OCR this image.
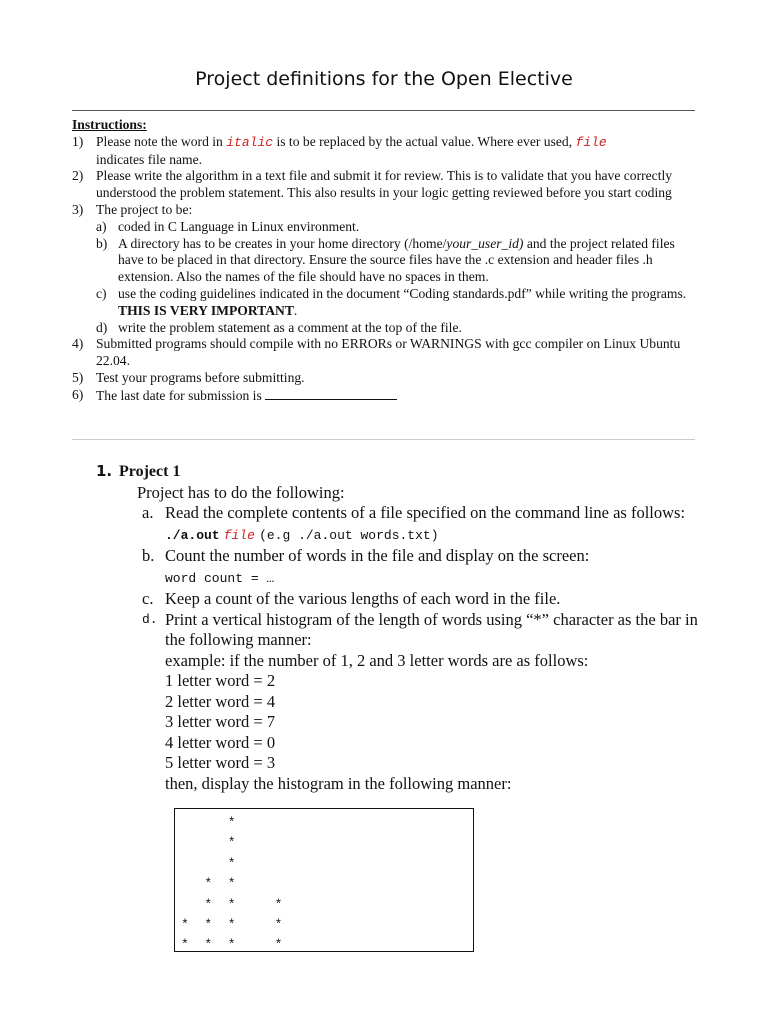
Project definitions for the Open Elective
Instructions:
1) Please note the word in italic is to be replaced by the actual value. Where ever used, file
indicates file name.
2) Please write the algorithm in a text file and submit it for review. This is to validate that you have correctly understood the problem statement. This also results in your logic getting reviewed before you start coding
3) The project to be:
a) coded in C Language in Linux environment.
b) A directory has to be creates in your home directory (/home/your_user_id) and the project related files have to be placed in that directory. Ensure the source files have the .c extension and header files .h extension. Also the names of the file should have no spaces in them.
c) use the coding guidelines indicated in the document “Coding standards.pdf” while writing the programs. THIS IS VERY IMPORTANT.
d) write the problem statement as a comment at the top of the file.
4) Submitted programs should compile with no ERRORs or WARNINGS with gcc compiler on Linux Ubuntu 22.04.
5) Test your programs before submitting.
6) The last date for submission is
1. Project 1
Project has to do the following:
a. Read the complete contents of a file specified on the command line as follows:
./a.out file (e.g ./a.out words.txt)
b. Count the number of words in the file and display on the screen:
word count = …
c. Keep a count of the various lengths of each word in the file.
d. Print a vertical histogram of the length of words using “*” character as the bar in the following manner:
example: if the number of 1, 2 and 3 letter words are as follows:
1 letter word = 2
2 letter word = 4
3 letter word = 7
4 letter word = 0
5 letter word = 3
then, display the histogram in the following manner:
*
*
*
*  *
*  *     *
*  *  *     *
*  *  *     *
